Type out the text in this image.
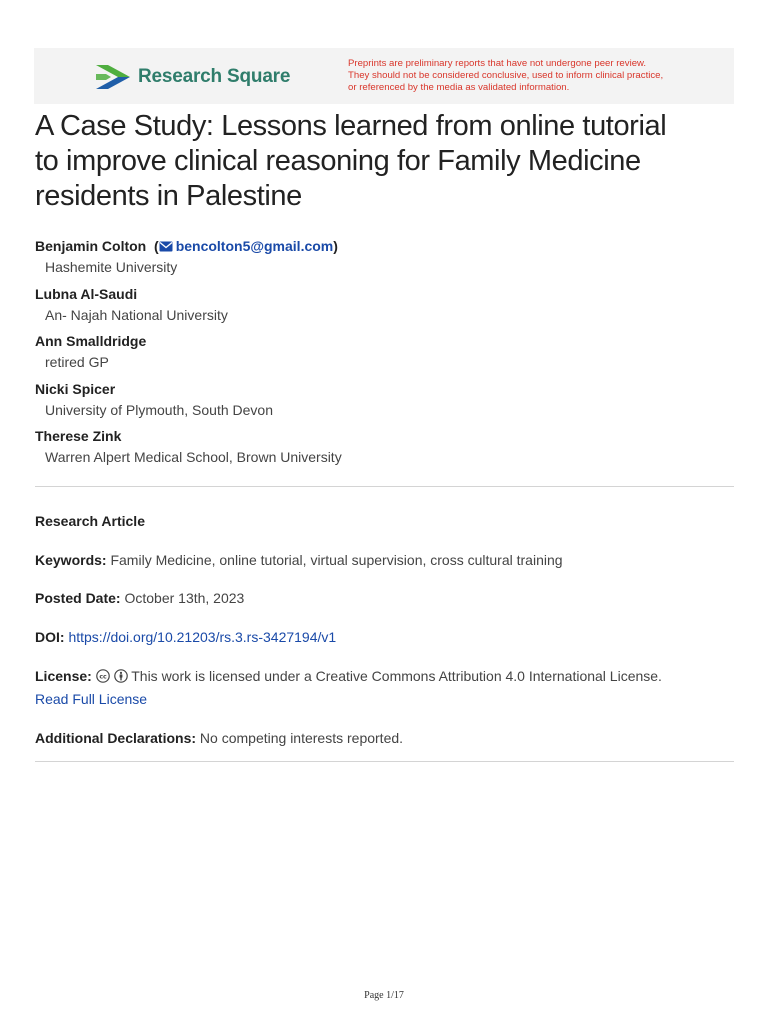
Research Square
Preprints are preliminary reports that have not undergone peer review.
They should not be considered conclusive, used to inform clinical practice,
or referenced by the media as validated information.
A Case Study: Lessons learned from online tutorial
to improve clinical reasoning for Family Medicine
residents in Palestine
Benjamin Colton  ( bencolton5@gmail.com)
Hashemite University
Lubna Al-Saudi
An- Najah National University
Ann Smalldridge
retired GP
Nicki Spicer
University of Plymouth, South Devon
Therese Zink
Warren Alpert Medical School, Brown University
Research Article
Keywords: Family Medicine, online tutorial, virtual supervision, cross cultural training
Posted Date: October 13th, 2023
DOI: https://doi.org/10.21203/rs.3.rs-3427194/v1
License: cc This work is licensed under a Creative Commons Attribution 4.0 International License.
Read Full License
Additional Declarations: No competing interests reported.
Page 1/17
